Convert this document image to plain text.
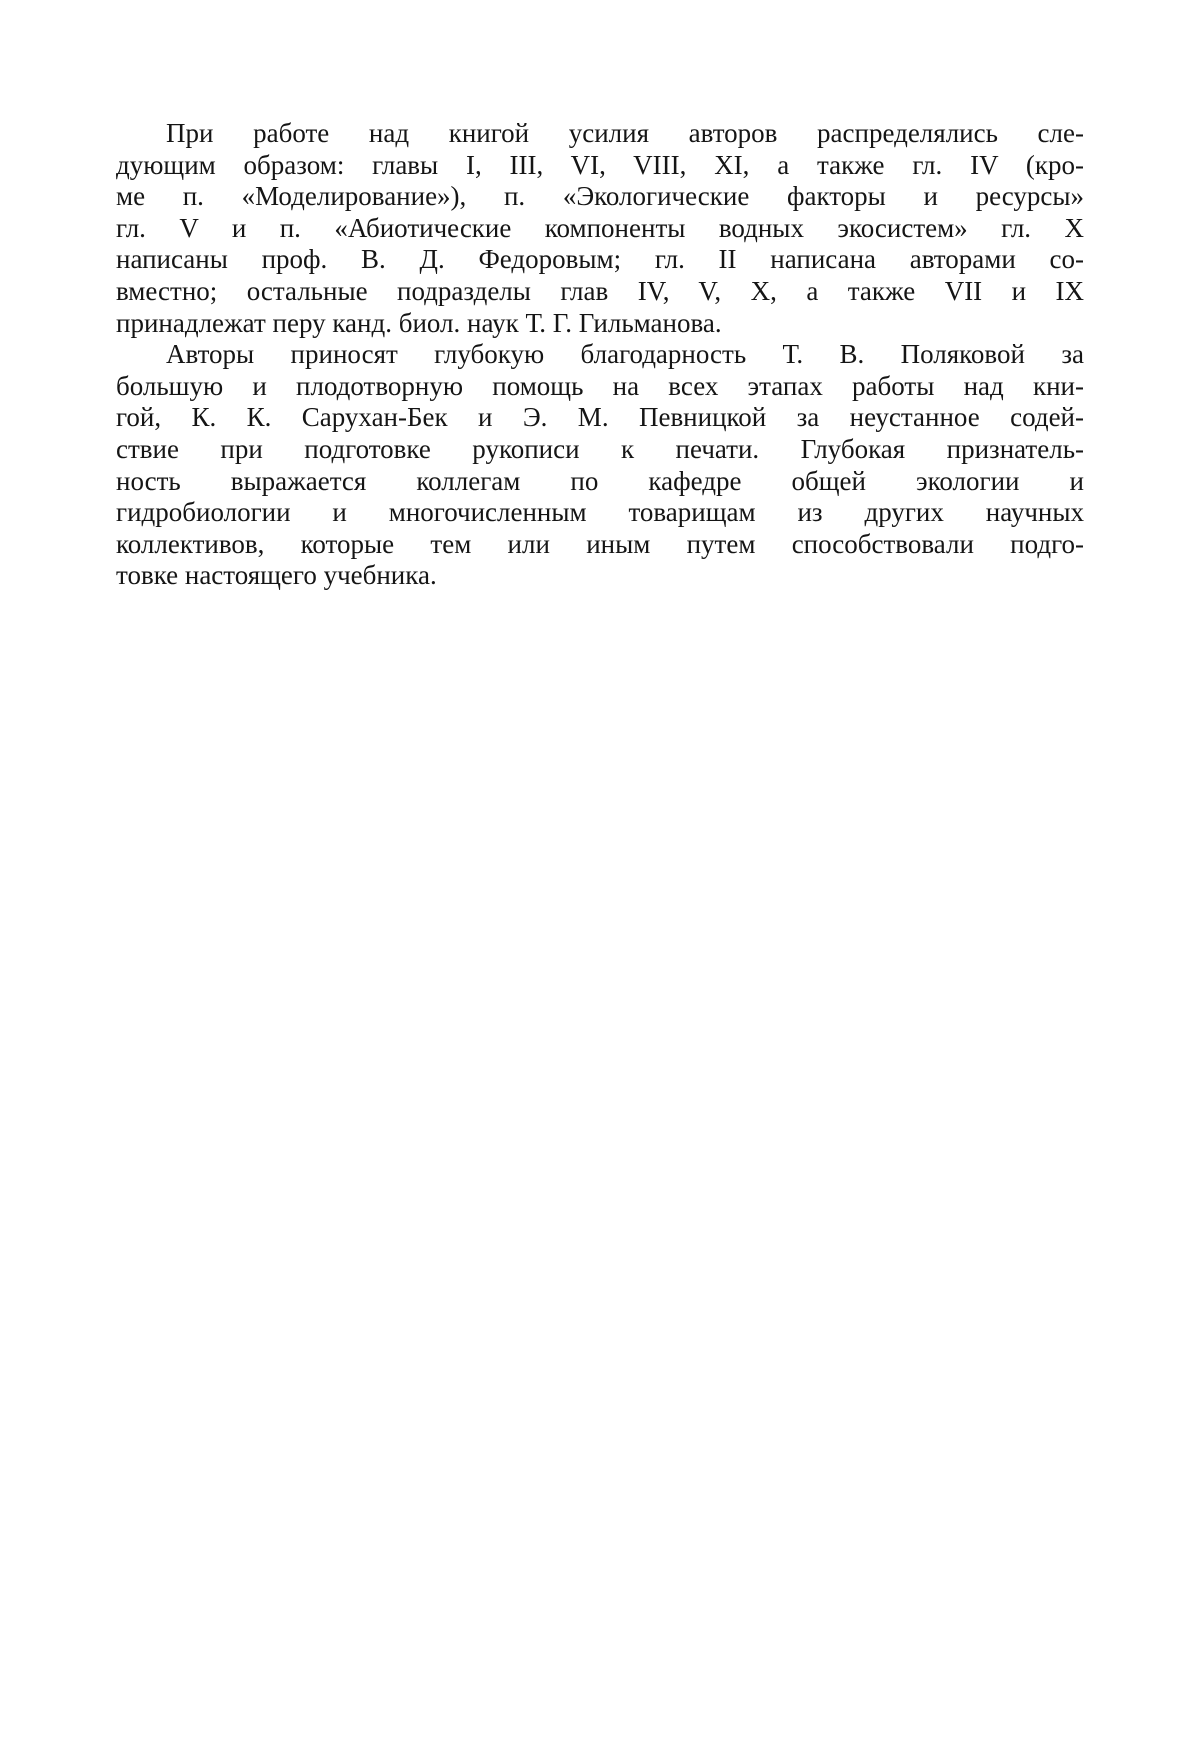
При работе над книгой усилия авторов распределялись сле-
дующим образом: главы I, III, VI, VIII, XI, а также гл. IV (кро-
ме п. «Моделирование»), п. «Экологические факторы и ресурсы»
гл. V и п. «Абиотические компоненты водных экосистем» гл. X
написаны проф. В. Д. Федоровым; гл. II написана авторами со-
вместно; остальные подразделы глав IV, V, X, а также VII и IX
принадлежат перу канд. биол. наук Т. Г. Гильманова.
Авторы приносят глубокую благодарность Т. В. Поляковой за
большую и плодотворную помощь на всех этапах работы над кни-
гой, К. К. Сарухан-Бек и Э. М. Певницкой за неустанное содей-
ствие при подготовке рукописи к печати. Глубокая признатель-
ность выражается коллегам по кафедре общей экологии и
гидробиологии и многочисленным товарищам из других научных
коллективов, которые тем или иным путем способствовали подго-
товке настоящего учебника.
